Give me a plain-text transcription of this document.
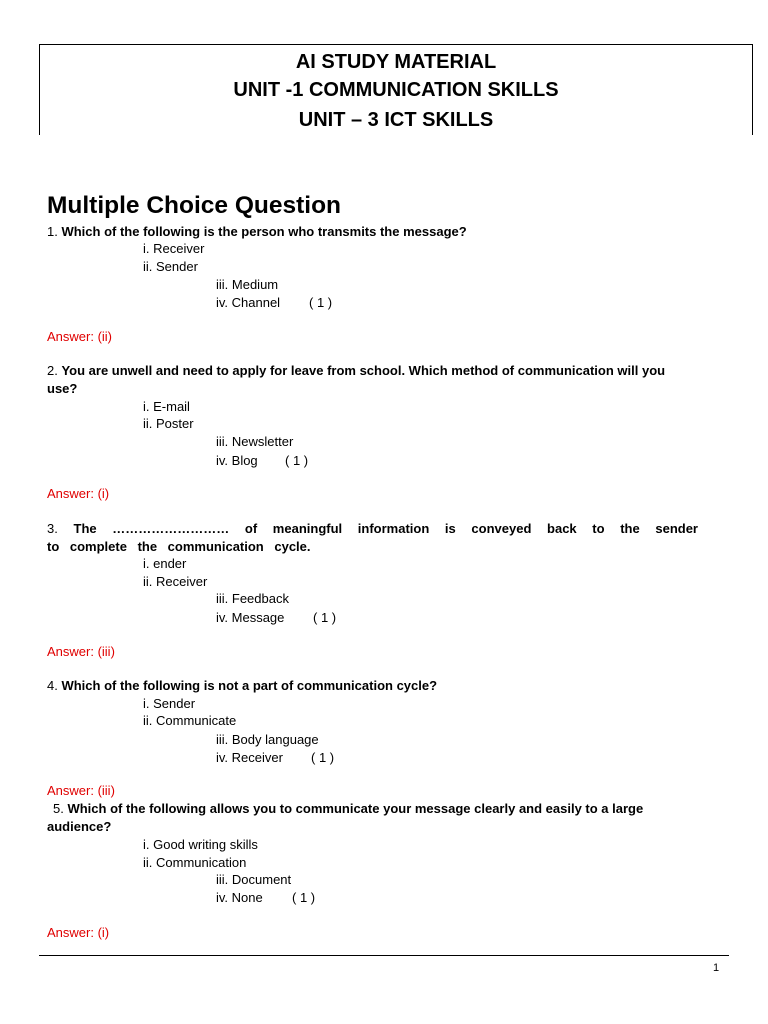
AI STUDY MATERIAL
UNIT -1 COMMUNICATION SKILLS
UNIT – 3 ICT SKILLS
Multiple Choice Question
1. Which of the following is the person who transmits the message?
i. Receiver
ii. Sender
iii. Medium
iv. Channel ( 1 )
Answer: (ii)
2. You are unwell and need to apply for leave from school. Which method of communication will you
use?
i. E-mail
ii. Poster
iii. Newsletter
iv. Blog ( 1 )
Answer: (i)
3. The ……………………… of meaningful information is conveyed back to the sender
to complete the communication cycle.
i. ender
ii. Receiver
iii. Feedback
iv. Message ( 1 )
Answer: (iii)
4. Which of the following is not a part of communication cycle?
i. Sender
ii. Communicate
iii. Body language
iv. Receiver ( 1 )
Answer: (iii)
5. Which of the following allows you to communicate your message clearly and easily to a large
audience?
i. Good writing skills
ii. Communication
iii. Document
iv. None ( 1 )
Answer: (i)
1
